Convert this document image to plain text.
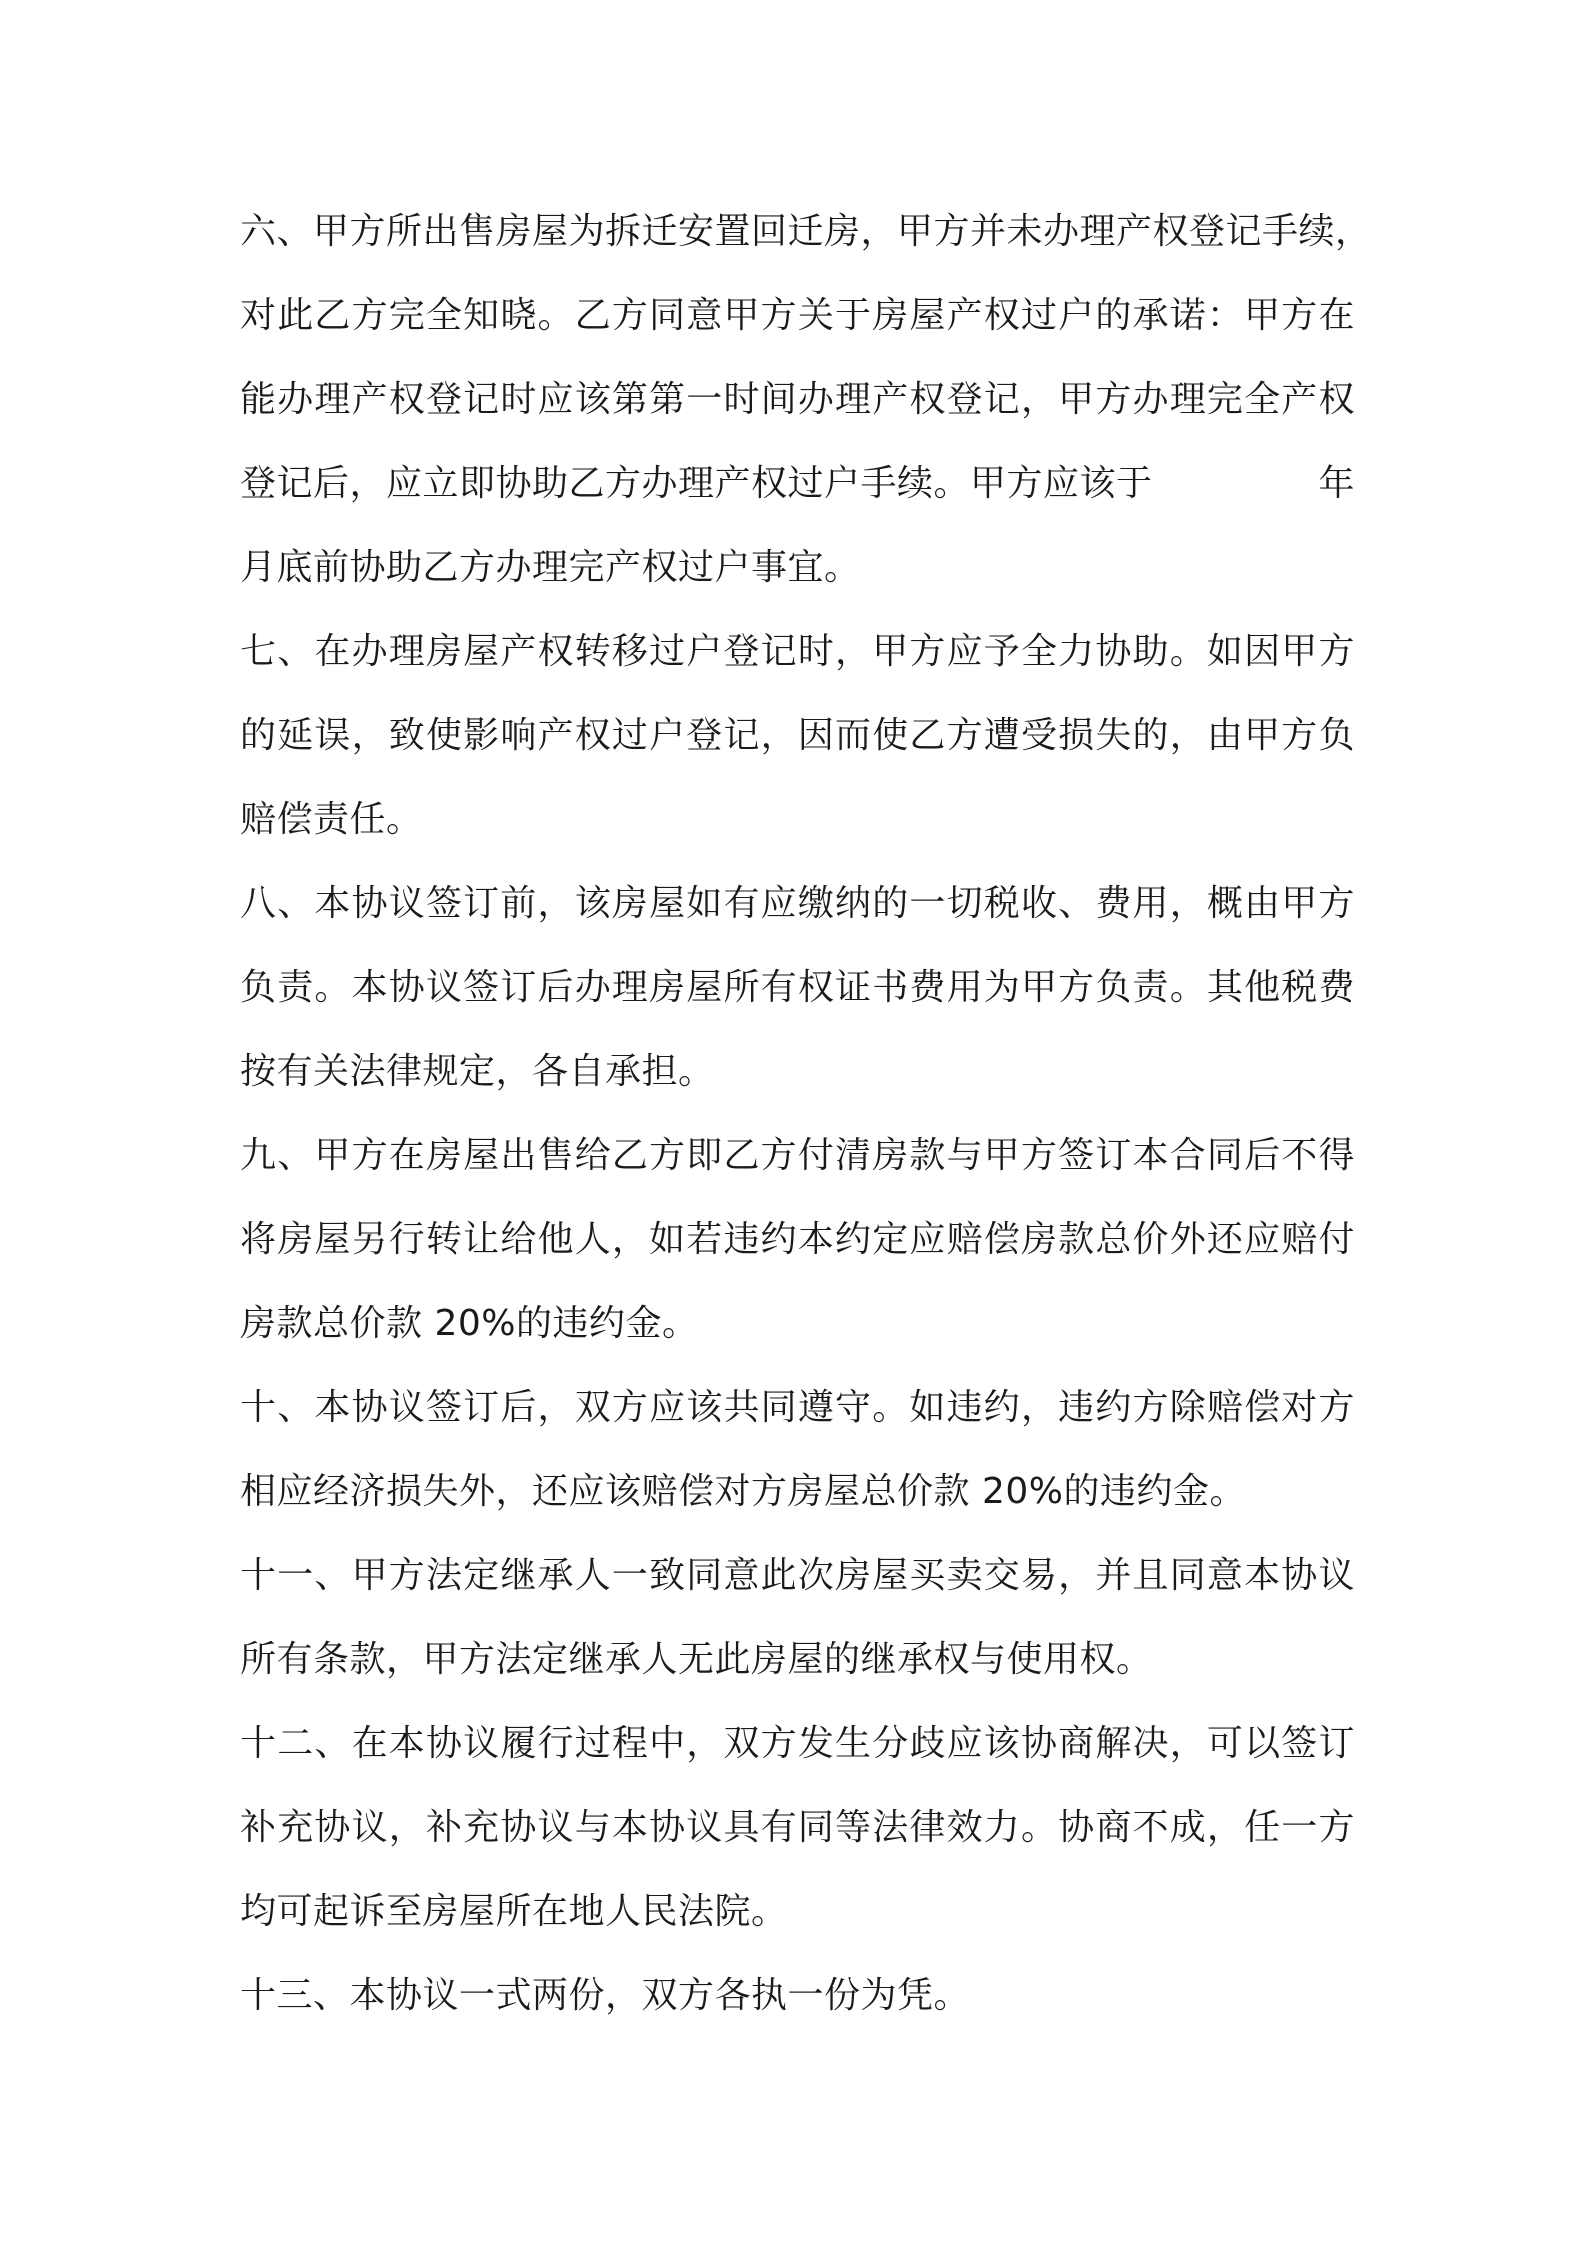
六、甲方所出售房屋为拆迁安置回迁房，甲方并未办理产权登记手续，
对此乙方完全知晓。乙方同意甲方关于房屋产权过户的承诺：甲方在
能办理产权登记时应该第第一时间办理产权登记，甲方办理完全产权
登记后，应立即协助乙方办理产权过户手续。甲方应该于	年
月底前协助乙方办理完产权过户事宜。
七、在办理房屋产权转移过户登记时，甲方应予全力协助。如因甲方
的延误，致使影响产权过户登记，因而使乙方遭受损失的，由甲方负
赔偿责任。
八、本协议签订前，该房屋如有应缴纳的一切税收、费用，概由甲方
负责。本协议签订后办理房屋所有权证书费用为甲方负责。其他税费
按有关法律规定，各自承担。
九、甲方在房屋出售给乙方即乙方付清房款与甲方签订本合同后不得
将房屋另行转让给他人，如若违约本约定应赔偿房款总价外还应赔付
房款总价款 20%的违约金。
十、本协议签订后，双方应该共同遵守。如违约，违约方除赔偿对方
相应经济损失外，还应该赔偿对方房屋总价款 20%的违约金。
十一、甲方法定继承人一致同意此次房屋买卖交易，并且同意本协议
所有条款，甲方法定继承人无此房屋的继承权与使用权。
十二、在本协议履行过程中，双方发生分歧应该协商解决，可以签订
补充协议，补充协议与本协议具有同等法律效力。协商不成，任一方
均可起诉至房屋所在地人民法院。
十三、本协议一式两份，双方各执一份为凭。
